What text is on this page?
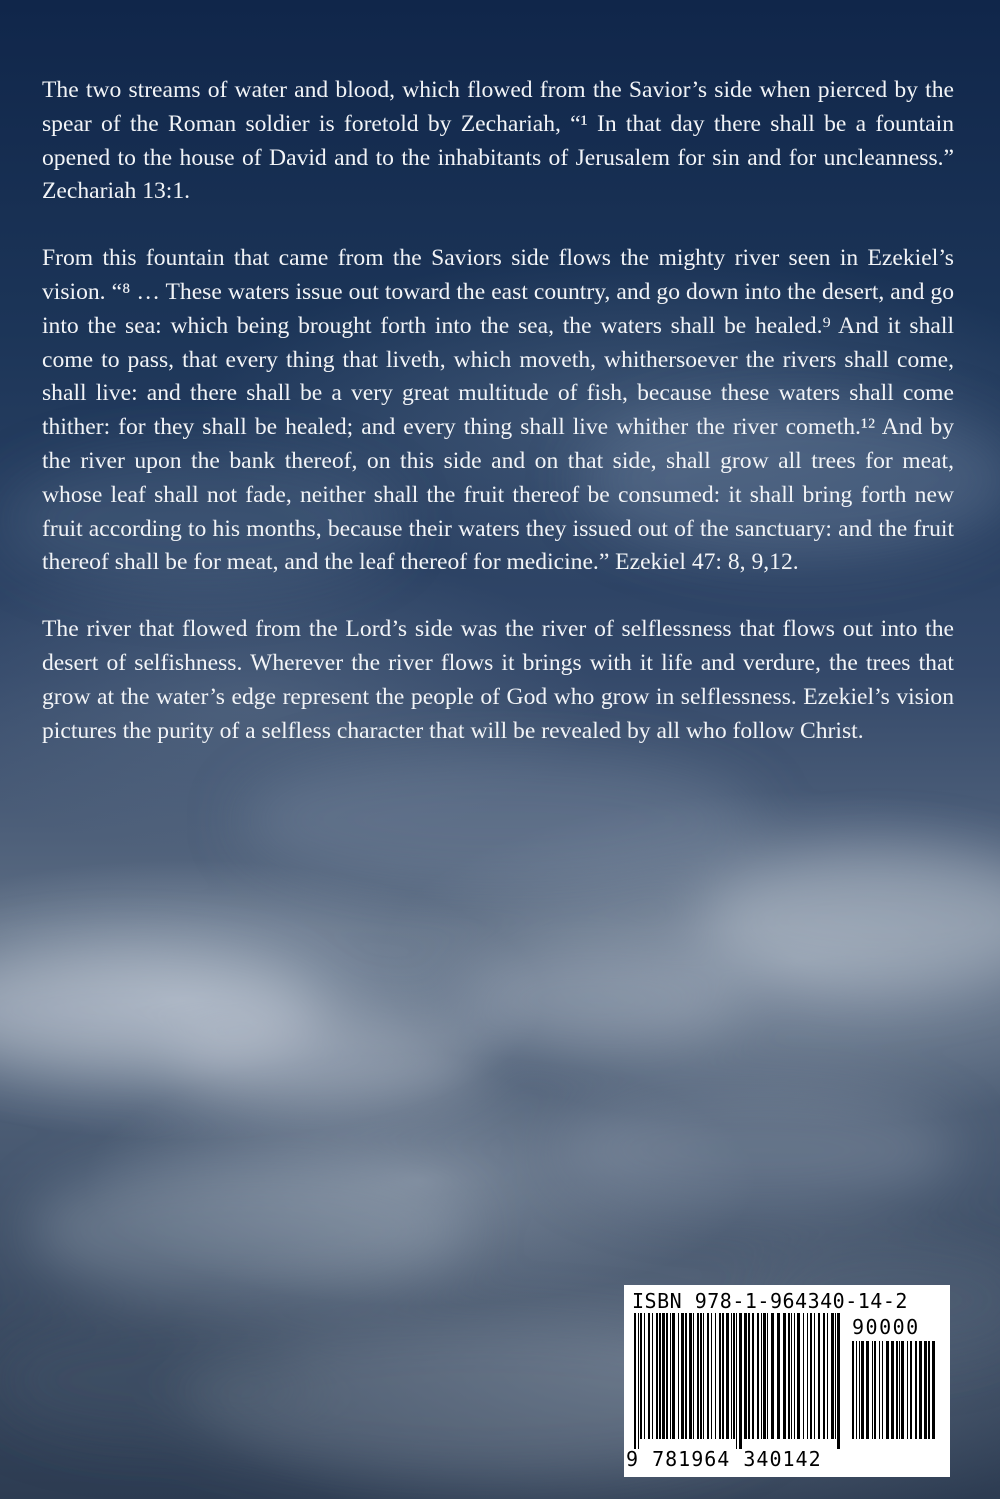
The two streams of water and blood, which flowed from the Savior’s side when pierced by the spear of the Roman soldier is foretold by Zechariah, “¹ In that day there shall be a fountain opened to the house of David and to the inhabitants of Jerusalem for sin and for uncleanness.” Zechariah 13:1.

From this fountain that came from the Saviors side flows the mighty river seen in Ezekiel’s vision. “⁸ … These waters issue out toward the east country, and go down into the desert, and go into the sea: which being brought forth into the sea, the waters shall be healed.⁹ And it shall come to pass, that every thing that liveth, which moveth, whithersoever the rivers shall come, shall live: and there shall be a very great multitude of fish, because these waters shall come thither: for they shall be healed; and every thing shall live whither the river cometh.¹² And by the river upon the bank thereof, on this side and on that side, shall grow all trees for meat, whose leaf shall not fade, neither shall the fruit thereof be consumed: it shall bring forth new fruit according to his months, because their waters they issued out of the sanctuary: and the fruit thereof shall be for meat, and the leaf thereof for medicine.” Ezekiel 47: 8, 9,12.

The river that flowed from the Lord’s side was the river of selflessness that flows out into the desert of selfishness. Wherever the river flows it brings with it life and verdure, the trees that grow at the water’s edge represent the people of God who grow in selflessness. Ezekiel’s vision pictures the purity of a selfless character that will be revealed by all who follow Christ.

ISBN 978-1-964340-14-2
90000
9 781964 340142
